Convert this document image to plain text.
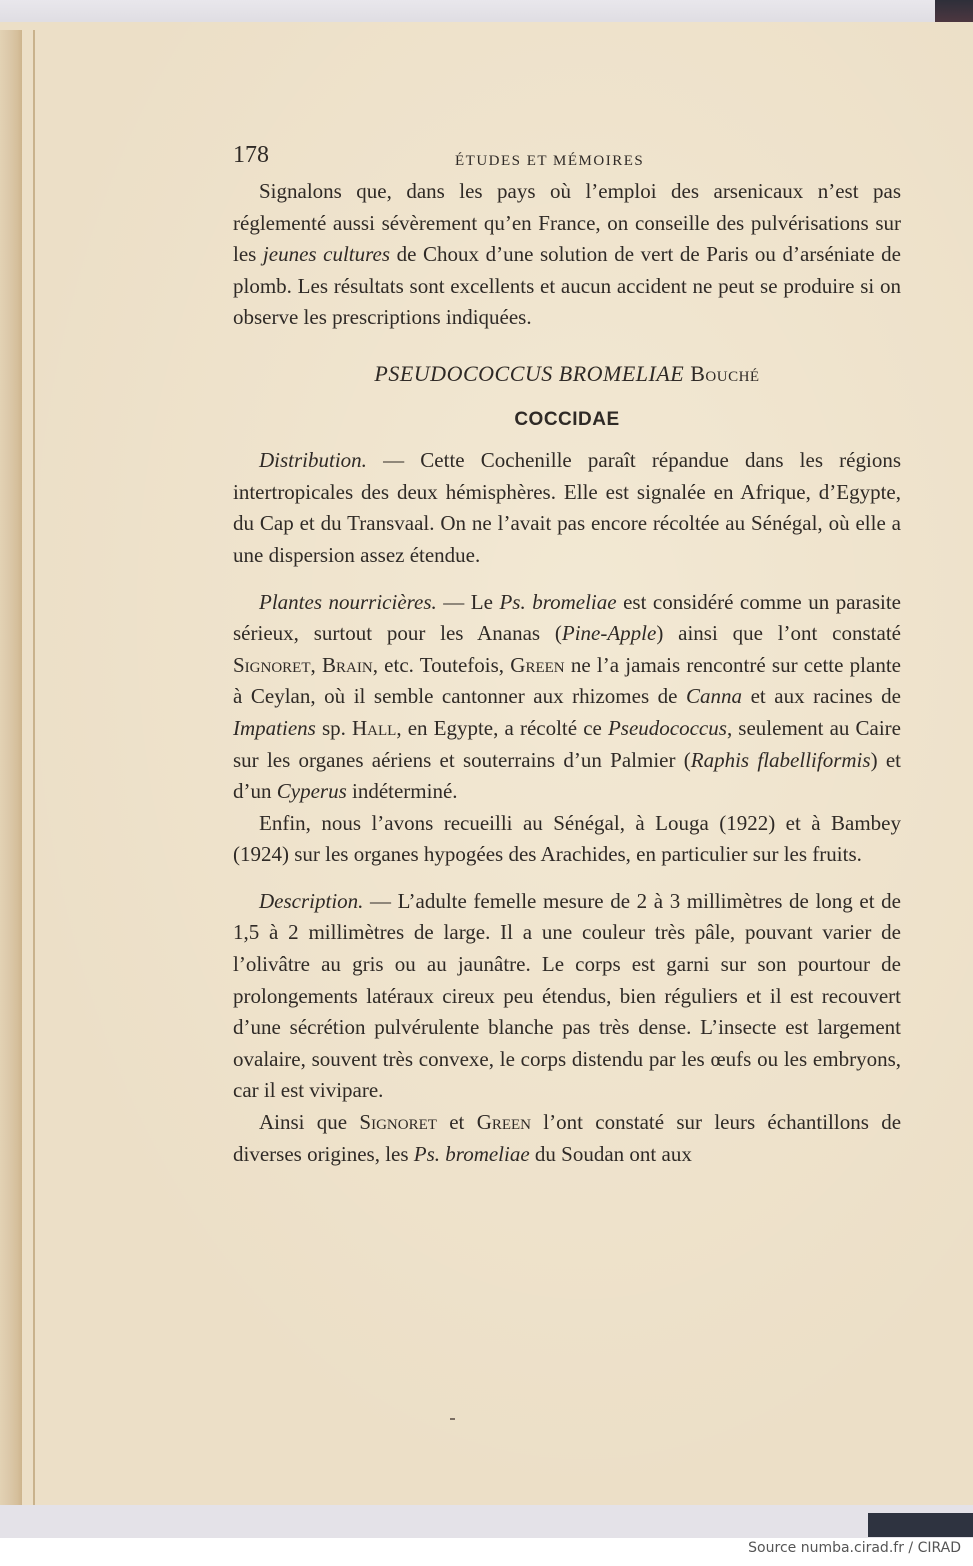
178	ÉTUDES ET MÉMOIRES

Signalons que, dans les pays où l’emploi des arsenicaux n’est pas réglementé aussi sévèrement qu’en France, on conseille des pulvérisations sur les jeunes cultures de Choux d’une solution de vert de Paris ou d’arséniate de plomb. Les résultats sont excellents et aucun accident ne peut se produire si on observe les prescriptions indiquées.

PSEUDOCOCCUS BROMELIAE Bouché
COCCIDAE

Distribution. — Cette Cochenille paraît répandue dans les régions intertropicales des deux hémisphères. Elle est signalée en Afrique, d’Egypte, du Cap et du Transvaal. On ne l’avait pas encore récoltée au Sénégal, où elle a une dispersion assez étendue.

Plantes nourricières. — Le Ps. bromeliae est considéré comme un parasite sérieux, surtout pour les Ananas (Pine-Apple) ainsi que l’ont constaté Signoret, Brain, etc. Toutefois, Green ne l’a jamais rencontré sur cette plante à Ceylan, où il semble cantonner aux rhizomes de Canna et aux racines de Impatiens sp. Hall, en Egypte, a récolté ce Pseudococcus, seulement au Caire sur les organes aériens et souterrains d’un Palmier (Raphis flabelliformis) et d’un Cyperus indéterminé.

Enfin, nous l’avons recueilli au Sénégal, à Louga (1922) et à Bambey (1924) sur les organes hypogées des Arachides, en particulier sur les fruits.

Description. — L’adulte femelle mesure de 2 à 3 millimètres de long et de 1,5 à 2 millimètres de large. Il a une couleur très pâle, pouvant varier de l’olivâtre au gris ou au jaunâtre. Le corps est garni sur son pourtour de prolongements latéraux cireux peu étendus, bien réguliers et il est recouvert d’une sécrétion pulvérulente blanche pas très dense. L’insecte est largement ovalaire, souvent très convexe, le corps distendu par les œufs ou les embryons, car il est vivipare.

Ainsi que Signoret et Green l’ont constaté sur leurs échantillons de diverses origines, les Ps. bromeliae du Soudan ont aux

Source numba.cirad.fr / CIRAD
